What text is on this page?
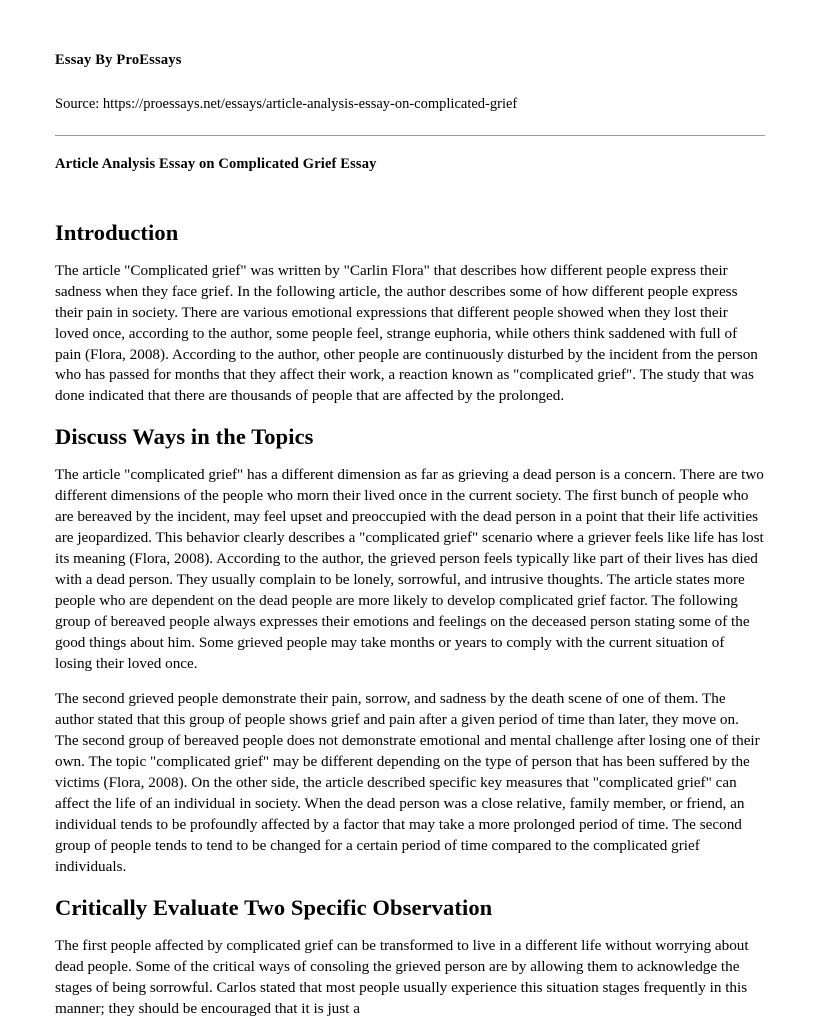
Essay By ProEssays
Source: https://proessays.net/essays/article-analysis-essay-on-complicated-grief
Article Analysis Essay on Complicated Grief Essay
Introduction

The article "Complicated grief" was written by "Carlin Flora" that describes how different people express their sadness when they face grief. In the following article, the author describes some of how different people express their pain in society. There are various emotional expressions that different people showed when they lost their loved once, according to the author, some people feel, strange euphoria, while others think saddened with full of pain (Flora, 2008). According to the author, other people are continuously disturbed by the incident from the person who has passed for months that they affect their work, a reaction known as "complicated grief". The study that was done indicated that there are thousands of people that are affected by the prolonged.

Discuss Ways in the Topics

The article "complicated grief" has a different dimension as far as grieving a dead person is a concern. There are two different dimensions of the people who morn their lived once in the current society. The first bunch of people who are bereaved by the incident, may feel upset and preoccupied with the dead person in a point that their life activities are jeopardized. This behavior clearly describes a "complicated grief" scenario where a griever feels like life has lost its meaning (Flora, 2008). According to the author, the grieved person feels typically like part of their lives has died with a dead person. They usually complain to be lonely, sorrowful, and intrusive thoughts. The article states more people who are dependent on the dead people are more likely to develop complicated grief factor. The following group of bereaved people always expresses their emotions and feelings on the deceased person stating some of the good things about him. Some grieved people may take months or years to comply with the current situation of losing their loved once.

The second grieved people demonstrate their pain, sorrow, and sadness by the death scene of one of them. The author stated that this group of people shows grief and pain after a given period of time than later, they move on. The second group of bereaved people does not demonstrate emotional and mental challenge after losing one of their own. The topic "complicated grief" may be different depending on the type of person that has been suffered by the victims (Flora, 2008). On the other side, the article described specific key measures that "complicated grief" can affect the life of an individual in society. When the dead person was a close relative, family member, or friend, an individual tends to be profoundly affected by a factor that may take a more prolonged period of time. The second group of people tends to tend to be changed for a certain period of time compared to the complicated grief individuals.

Critically Evaluate Two Specific Observation

The first people affected by complicated grief can be transformed to live in a different life without worrying about dead people. Some of the critical ways of consoling the grieved person are by allowing them to acknowledge the stages of being sorrowful. Carlos stated that most people usually experience this situation stages frequently in this manner; they should be encouraged that it is just a
